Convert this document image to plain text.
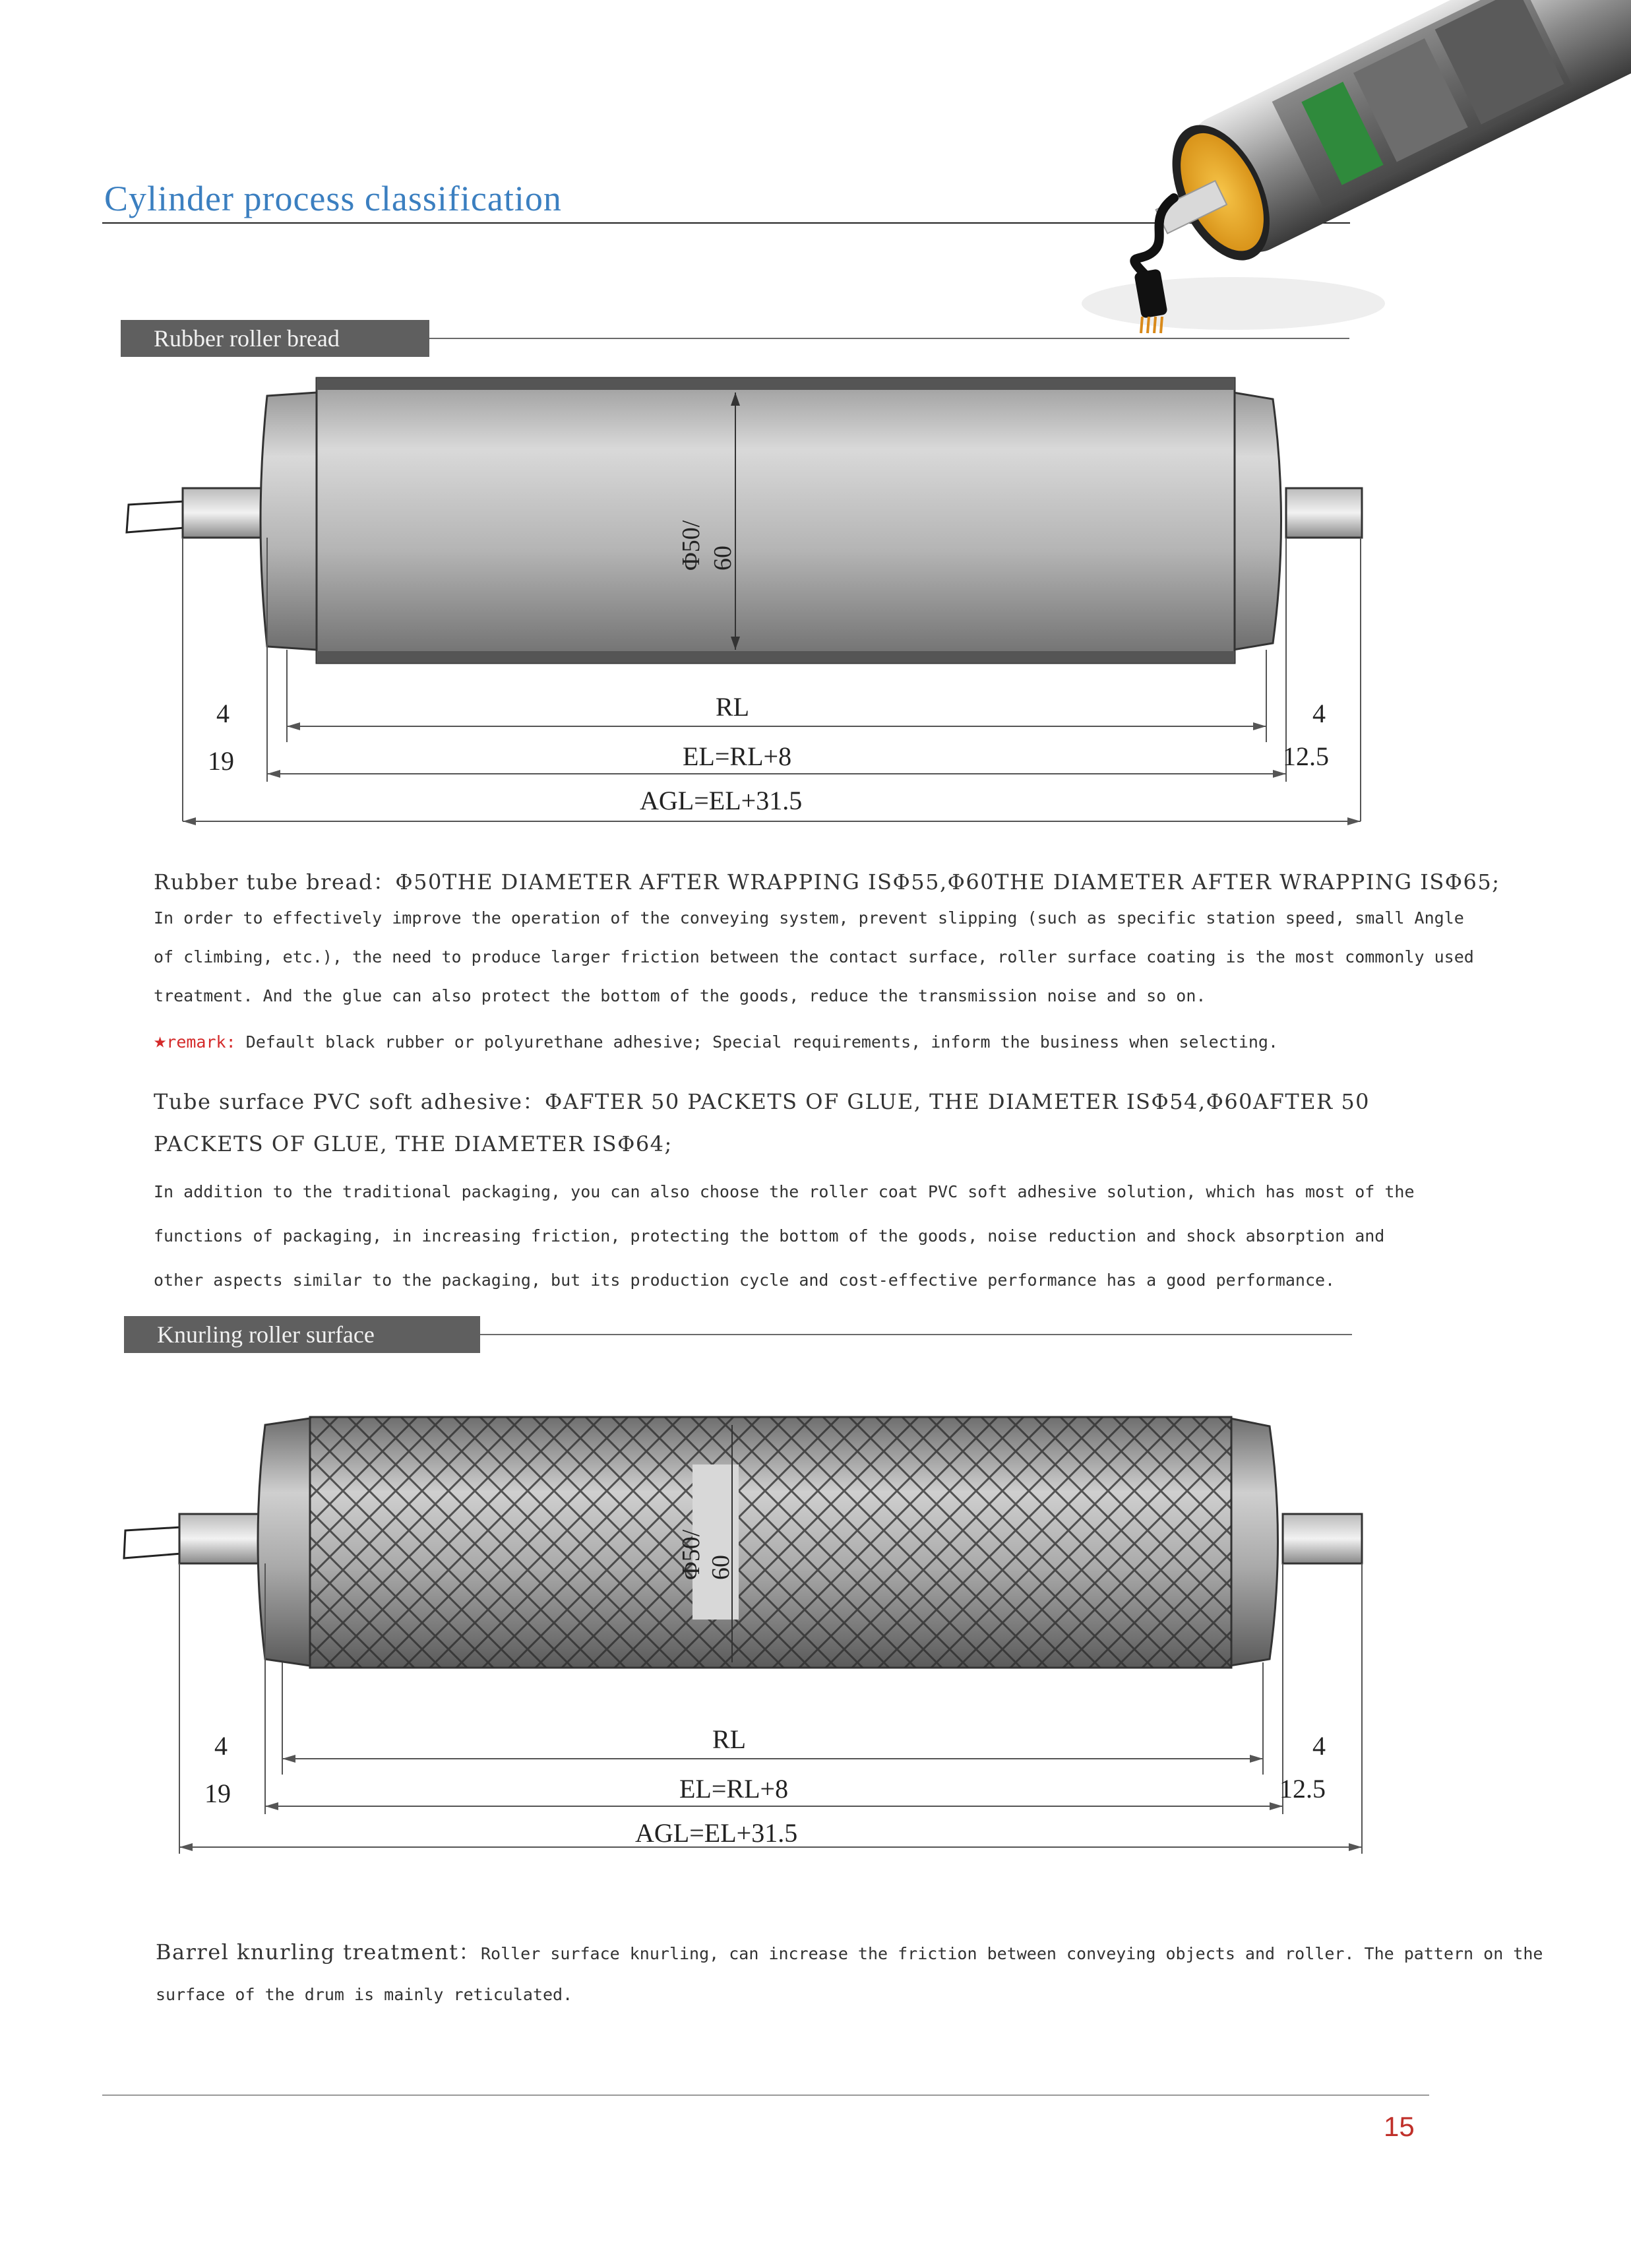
Cylinder process classification
Rubber roller bread
Φ50/ 60
4
19
RL
EL=RL+8
AGL=EL+31.5
4
12.5
Rubber tube bread：Φ50THE DIAMETER AFTER WRAPPING ISΦ55,Φ60THE DIAMETER AFTER WRAPPING ISΦ65;
In order to effectively improve the operation of the conveying system, prevent slipping (such as specific station speed, small Angle
of climbing, etc.), the need to produce larger friction between the contact surface, roller surface coating is the most commonly used
treatment. And the glue can also protect the bottom of the goods, reduce the transmission noise and so on.
★remark: Default black rubber or polyurethane adhesive; Special requirements, inform the business when selecting.
Tube surface PVC soft adhesive：ΦAFTER 50 PACKETS OF GLUE, THE DIAMETER ISΦ54,Φ60AFTER 50
PACKETS OF GLUE, THE DIAMETER ISΦ64;
In addition to the traditional packaging, you can also choose the roller coat PVC soft adhesive solution, which has most of the
functions of packaging, in increasing friction, protecting the bottom of the goods, noise reduction and shock absorption and
other aspects similar to the packaging, but its production cycle and cost-effective performance has a good performance.
Knurling roller surface
Φ50/ 60
4
19
RL
EL=RL+8
AGL=EL+31.5
4
12.5
Barrel knurling treatment：Roller surface knurling, can increase the friction between conveying objects and roller. The pattern on the
surface of the drum is mainly reticulated.
15
